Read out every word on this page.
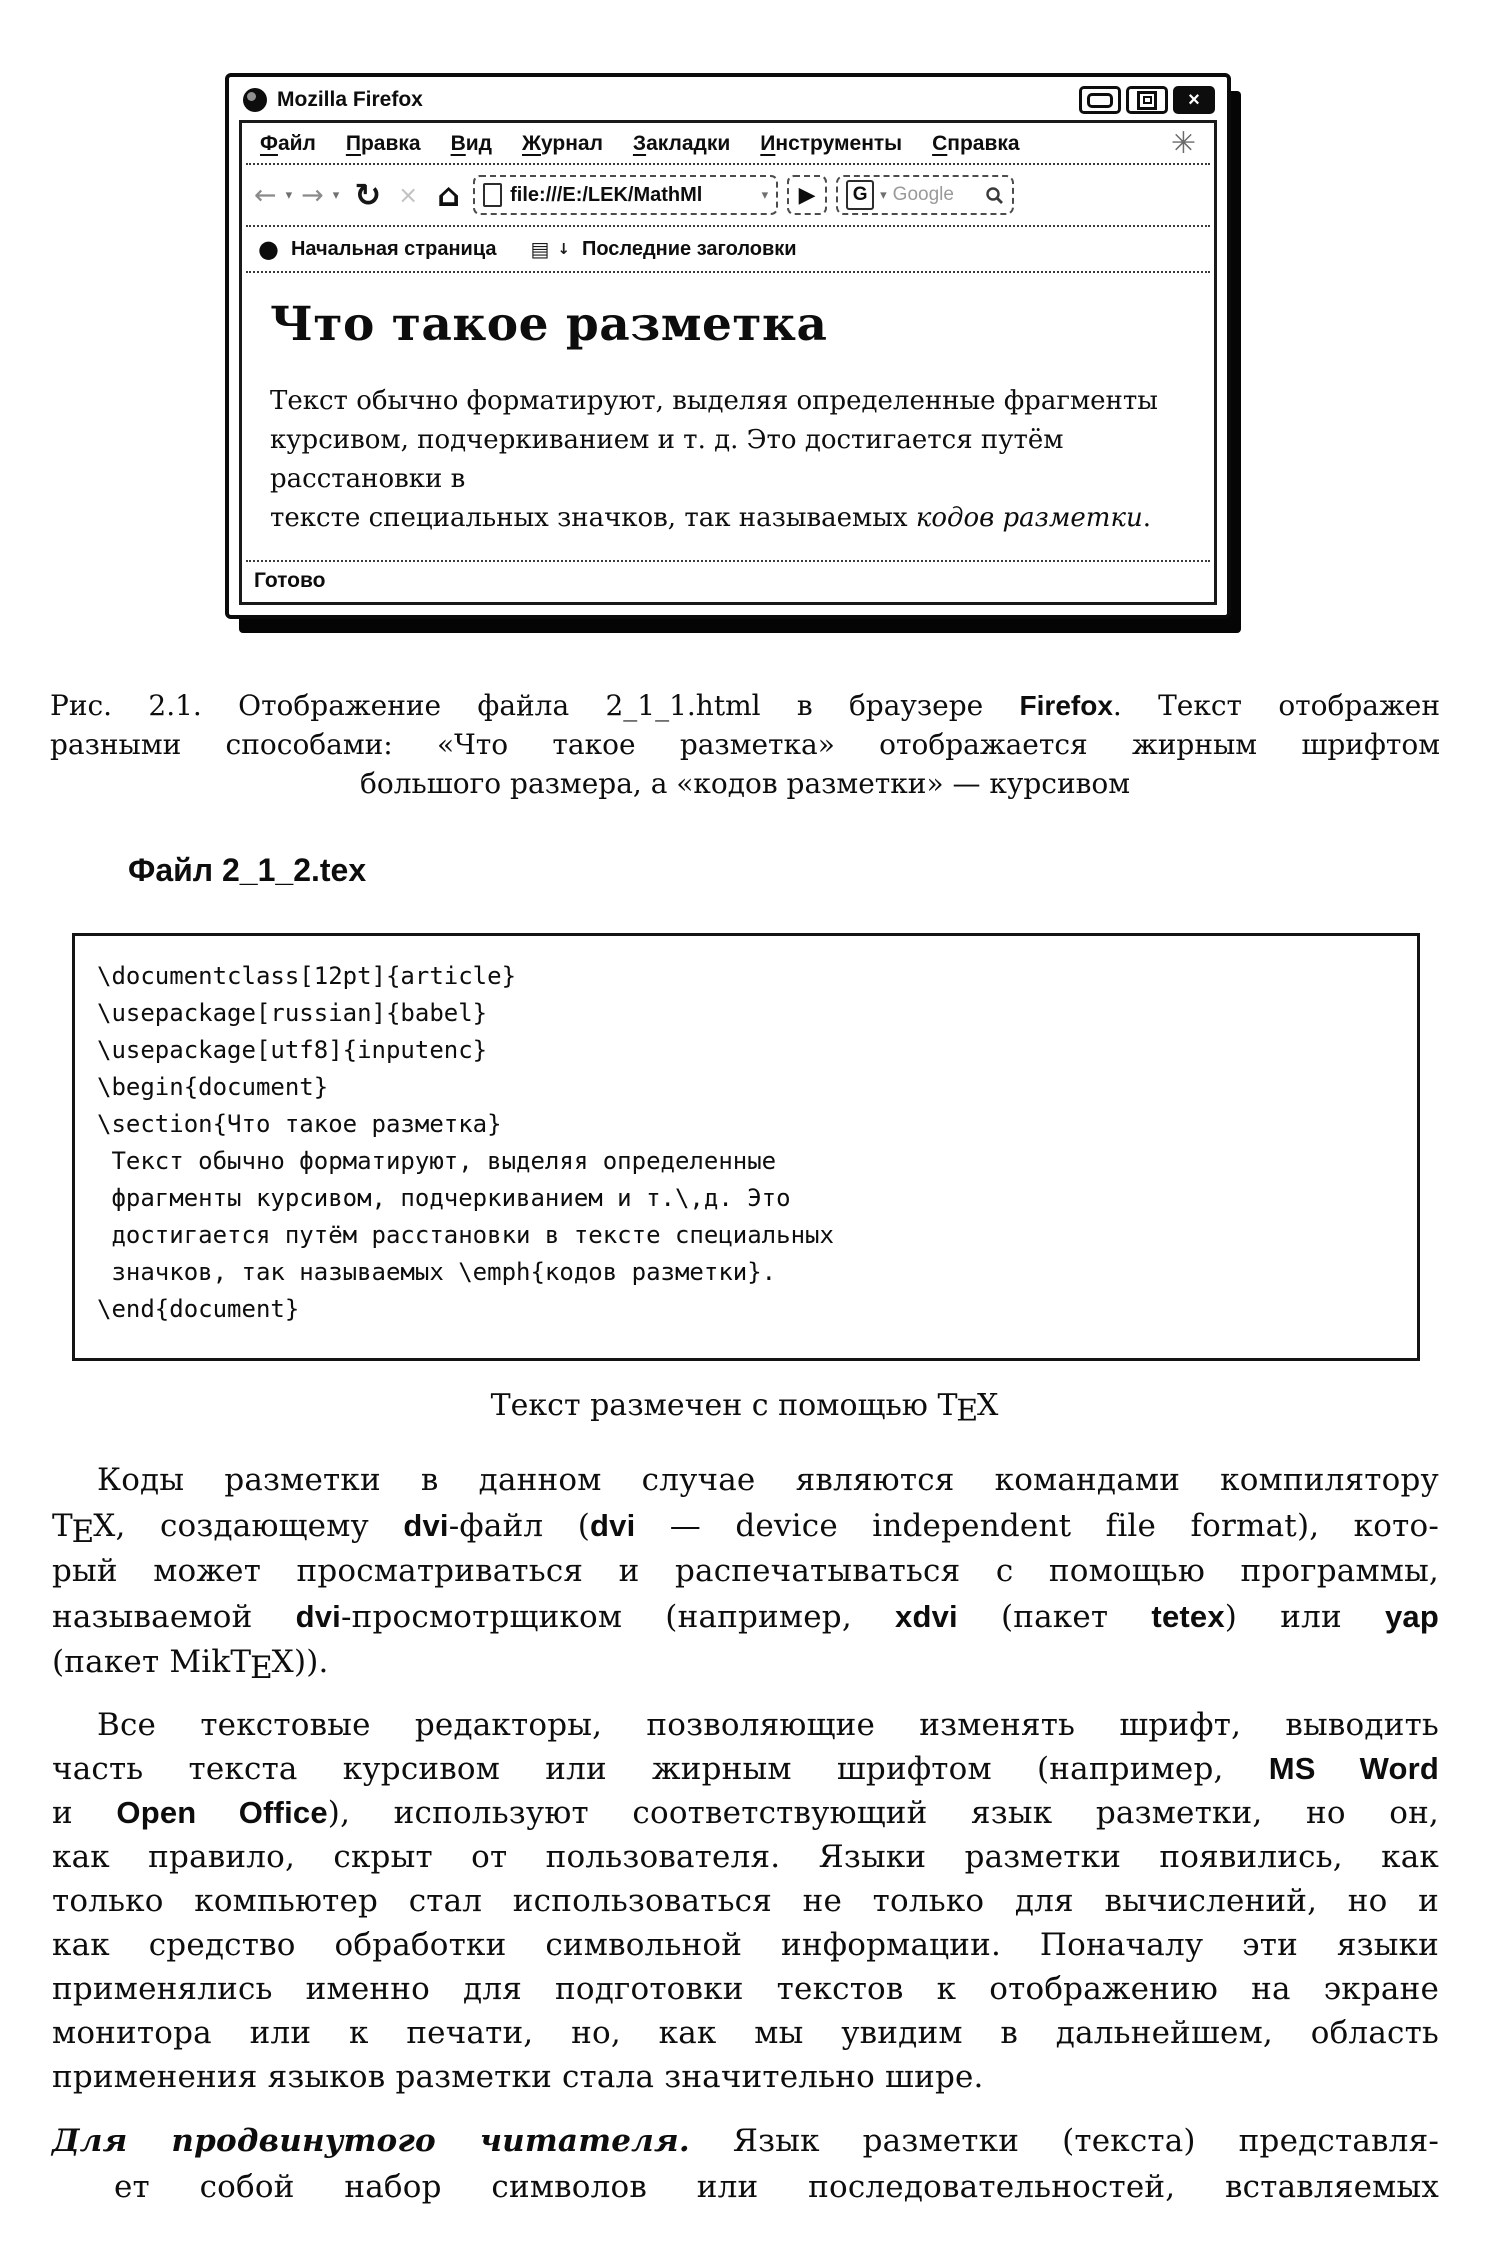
Mozilla Firefox	×
Файл Правка Вид Журнал Закладки Инструменты Справка	✳
← ▾ → ▾ ↻ × ⌂	file:///E:/LEK/MathMl	▾	▶	G ▾ Google
● Начальная страница ▤ ↓ Последние заголовки
Что такое разметка
Текст обычно форматируют, выделяя определенные фрагменты
курсивом, подчеркиванием и т. д. Это достигается путём расстановки в
тексте специальных значков, так называемых кодов разметки.
Готово
Рис. 2.1. Отображение файла 2_1_1.html в браузере Firefox. Текст отображен
разными способами: «Что такое разметка» отображается жирным шрифтом
большого размера, а «кодов разметки» — курсивом
Файл 2_1_2.tex
\documentclass[12pt]{article}
\usepackage[russian]{babel}
\usepackage[utf8]{inputenc}
\begin{document}
\section{Что такое разметка}
Текст обычно форматируют, выделяя определенные
фрагменты курсивом, подчеркиванием и т.\,д. Это
достигается путём расстановки в тексте специальных
значков, так называемых \emph{кодов разметки}.
\end{document}
Текст размечен с помощью TEX
Коды разметки в данном случае являются командами компилятору
TEX, создающему dvi-файл (dvi — device independent file format), кото-
рый может просматриваться и распечатываться с помощью программы,
называемой dvi-просмотрщиком (например, xdvi (пакет tetex) или yap
(пакет MikTEX)).
Все текстовые редакторы, позволяющие изменять шрифт, выводить
часть текста курсивом или жирным шрифтом (например, MS Word
и Open Office), используют соответствующий язык разметки, но он,
как правило, скрыт от пользователя. Языки разметки появились, как
только компьютер стал использоваться не только для вычислений, но и
как средство обработки символьной информации. Поначалу эти языки
применялись именно для подготовки текстов к отображению на экране
монитора или к печати, но, как мы увидим в дальнейшем, область
применения языков разметки стала значительно шире.
Для продвинутого читателя. Язык разметки (текста) представля-
ет собой набор символов или последовательностей, вставляемых
